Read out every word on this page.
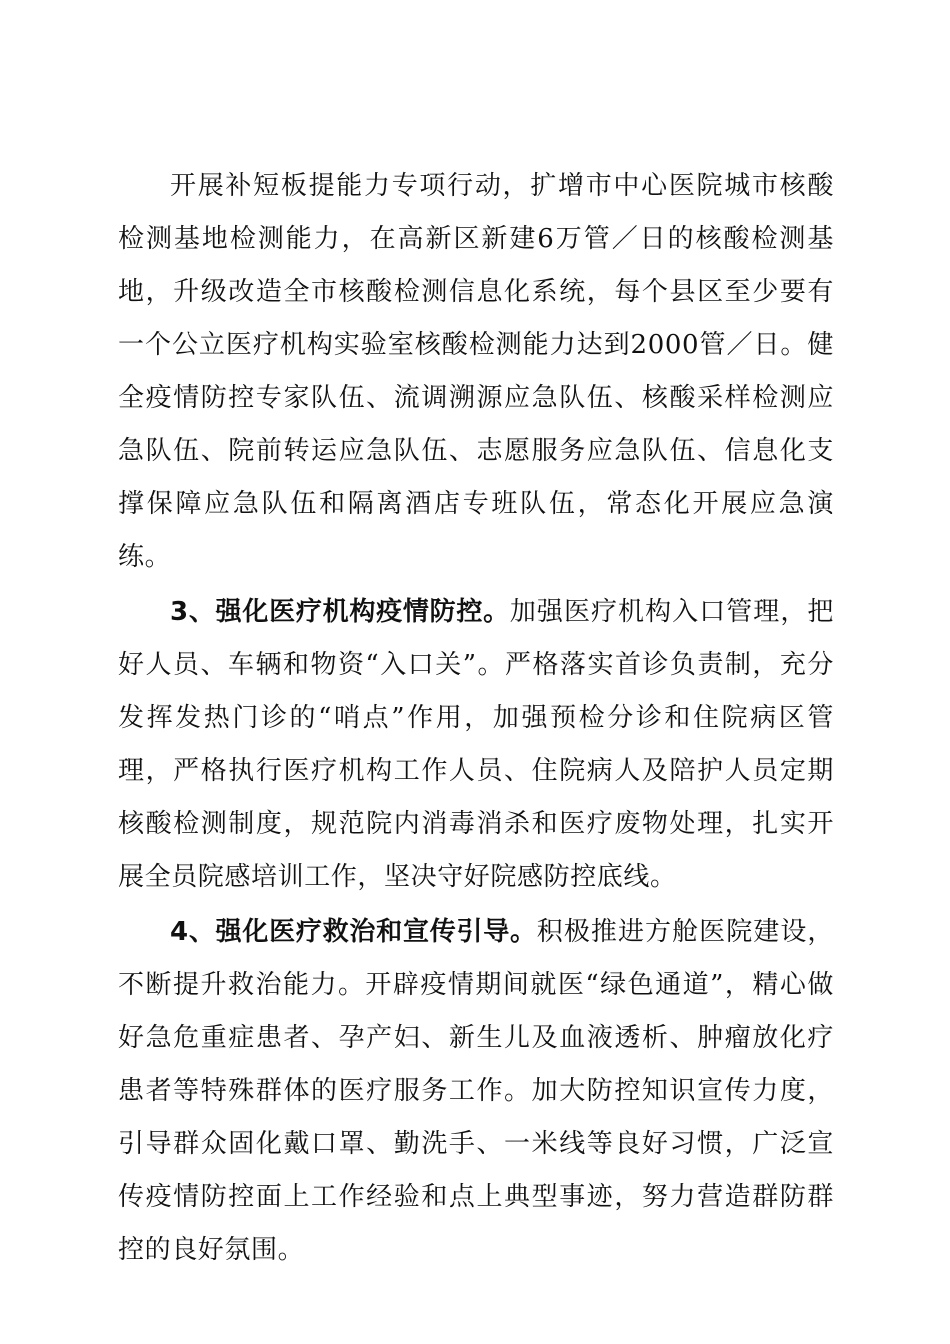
开展补短板提能力专项行动，扩增市中心医院城市核酸检测基地检测能力，在高新区新建6万管／日的核酸检测基地，升级改造全市核酸检测信息化系统，每个县区至少要有一个公立医疗机构实验室核酸检测能力达到2000管／日。健全疫情防控专家队伍、流调溯源应急队伍、核酸采样检测应急队伍、院前转运应急队伍、志愿服务应急队伍、信息化支撑保障应急队伍和隔离酒店专班队伍，常态化开展应急演练。

3、强化医疗机构疫情防控。加强医疗机构入口管理，把好人员、车辆和物资“入口关”。严格落实首诊负责制，充分发挥发热门诊的“哨点”作用，加强预检分诊和住院病区管理，严格执行医疗机构工作人员、住院病人及陪护人员定期核酸检测制度，规范院内消毒消杀和医疗废物处理，扎实开展全员院感培训工作，坚决守好院感防控底线。

4、强化医疗救治和宣传引导。积极推进方舱医院建设，不断提升救治能力。开辟疫情期间就医“绿色通道”，精心做好急危重症患者、孕产妇、新生儿及血液透析、肿瘤放化疗患者等特殊群体的医疗服务工作。加大防控知识宣传力度，引导群众固化戴口罩、勤洗手、一米线等良好习惯，广泛宣传疫情防控面上工作经验和点上典型事迹，努力营造群防群控的良好氛围。
